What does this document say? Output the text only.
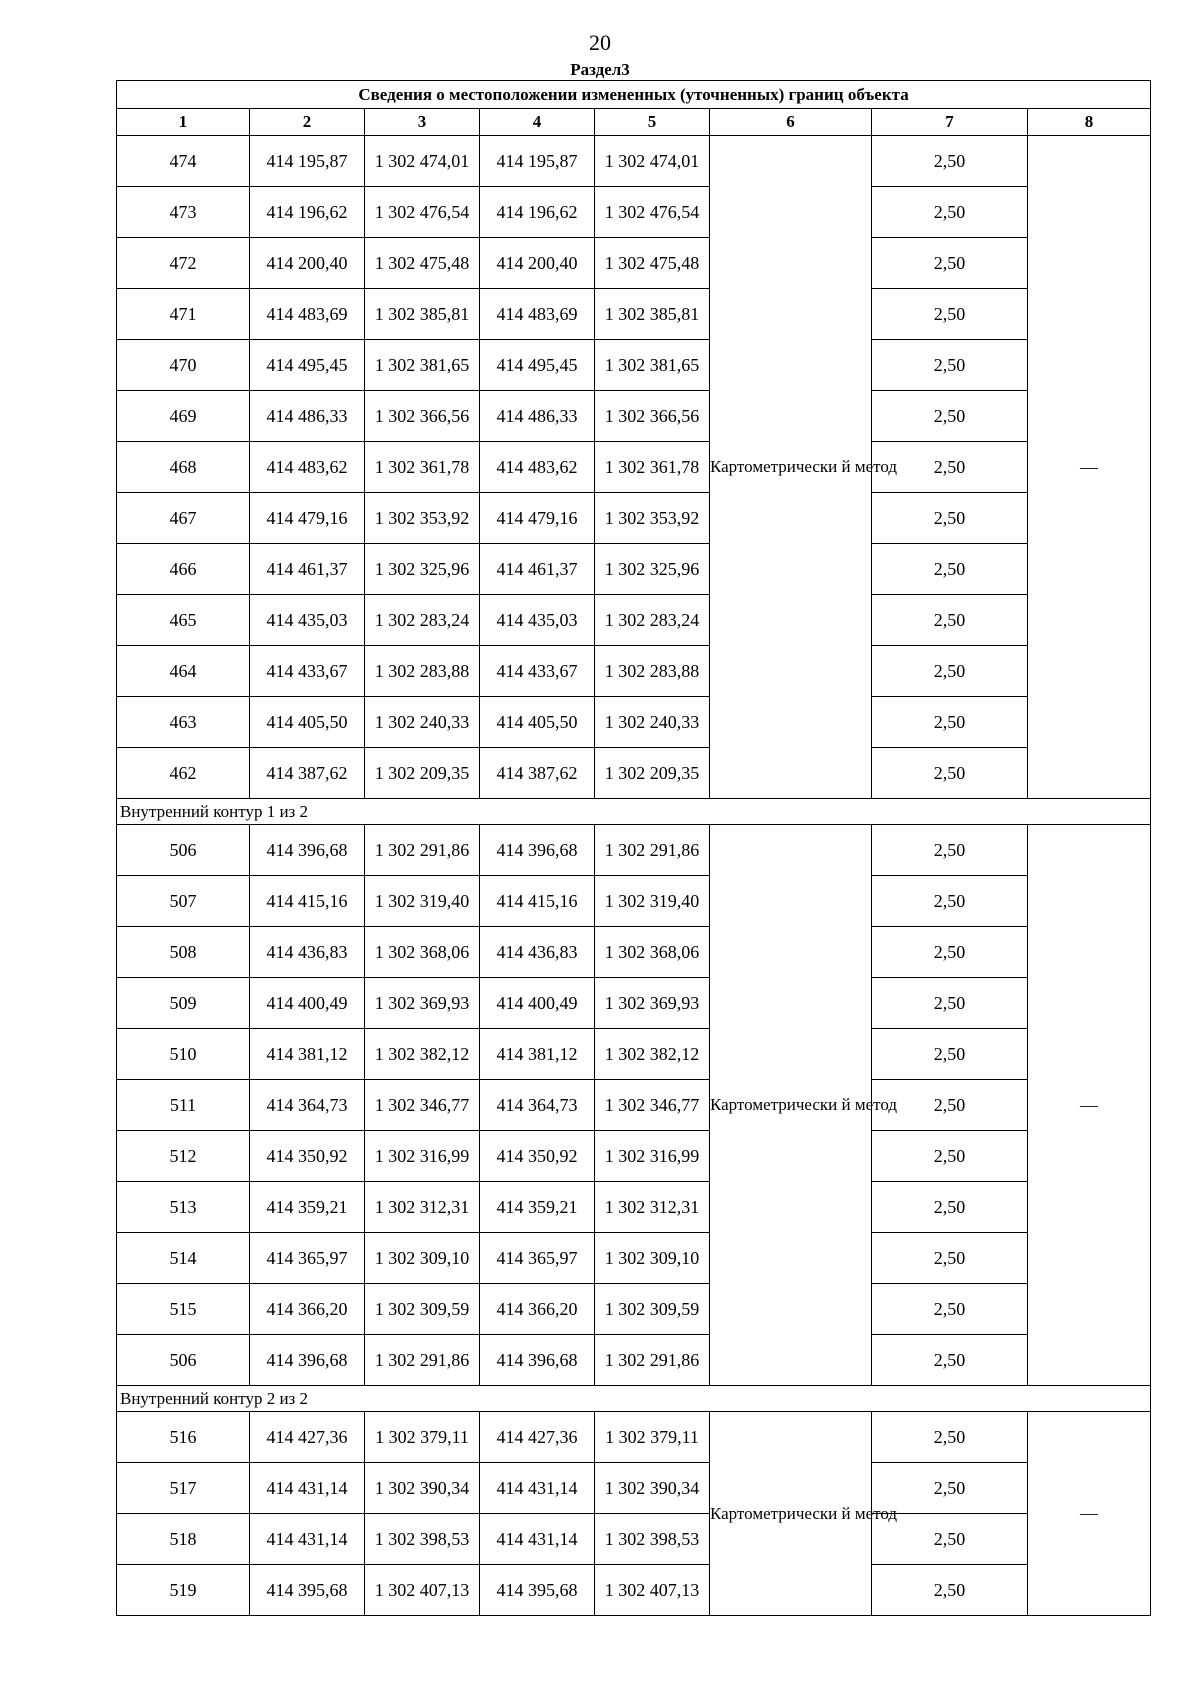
20
Раздел3
Сведения о местоположении измененных (уточненных) границ объекта							
1	2	3	4	5	6	7	8
474	414 195,87	1 302 474,01	414 195,87	1 302 474,01	Картометрически й метод	2,50	—
473	414 196,62	1 302 476,54	414 196,62	1 302 476,54		2,50	
472	414 200,40	1 302 475,48	414 200,40	1 302 475,48		2,50	
471	414 483,69	1 302 385,81	414 483,69	1 302 385,81		2,50	
470	414 495,45	1 302 381,65	414 495,45	1 302 381,65		2,50	
469	414 486,33	1 302 366,56	414 486,33	1 302 366,56		2,50	
468	414 483,62	1 302 361,78	414 483,62	1 302 361,78		2,50	
467	414 479,16	1 302 353,92	414 479,16	1 302 353,92		2,50	
466	414 461,37	1 302 325,96	414 461,37	1 302 325,96		2,50	
465	414 435,03	1 302 283,24	414 435,03	1 302 283,24		2,50	
464	414 433,67	1 302 283,88	414 433,67	1 302 283,88		2,50	
463	414 405,50	1 302 240,33	414 405,50	1 302 240,33		2,50	
462	414 387,62	1 302 209,35	414 387,62	1 302 209,35		2,50	
Внутренний контур 1 из 2							
506	414 396,68	1 302 291,86	414 396,68	1 302 291,86	Картометрически й метод	2,50	—
507	414 415,16	1 302 319,40	414 415,16	1 302 319,40		2,50	
508	414 436,83	1 302 368,06	414 436,83	1 302 368,06		2,50	
509	414 400,49	1 302 369,93	414 400,49	1 302 369,93		2,50	
510	414 381,12	1 302 382,12	414 381,12	1 302 382,12		2,50	
511	414 364,73	1 302 346,77	414 364,73	1 302 346,77		2,50	
512	414 350,92	1 302 316,99	414 350,92	1 302 316,99		2,50	
513	414 359,21	1 302 312,31	414 359,21	1 302 312,31		2,50	
514	414 365,97	1 302 309,10	414 365,97	1 302 309,10		2,50	
515	414 366,20	1 302 309,59	414 366,20	1 302 309,59		2,50	
506	414 396,68	1 302 291,86	414 396,68	1 302 291,86		2,50	
Внутренний контур 2 из 2							
516	414 427,36	1 302 379,11	414 427,36	1 302 379,11	Картометрически й метод	2,50	—
517	414 431,14	1 302 390,34	414 431,14	1 302 390,34		2,50	
518	414 431,14	1 302 398,53	414 431,14	1 302 398,53		2,50	
519	414 395,68	1 302 407,13	414 395,68	1 302 407,13		2,50	
